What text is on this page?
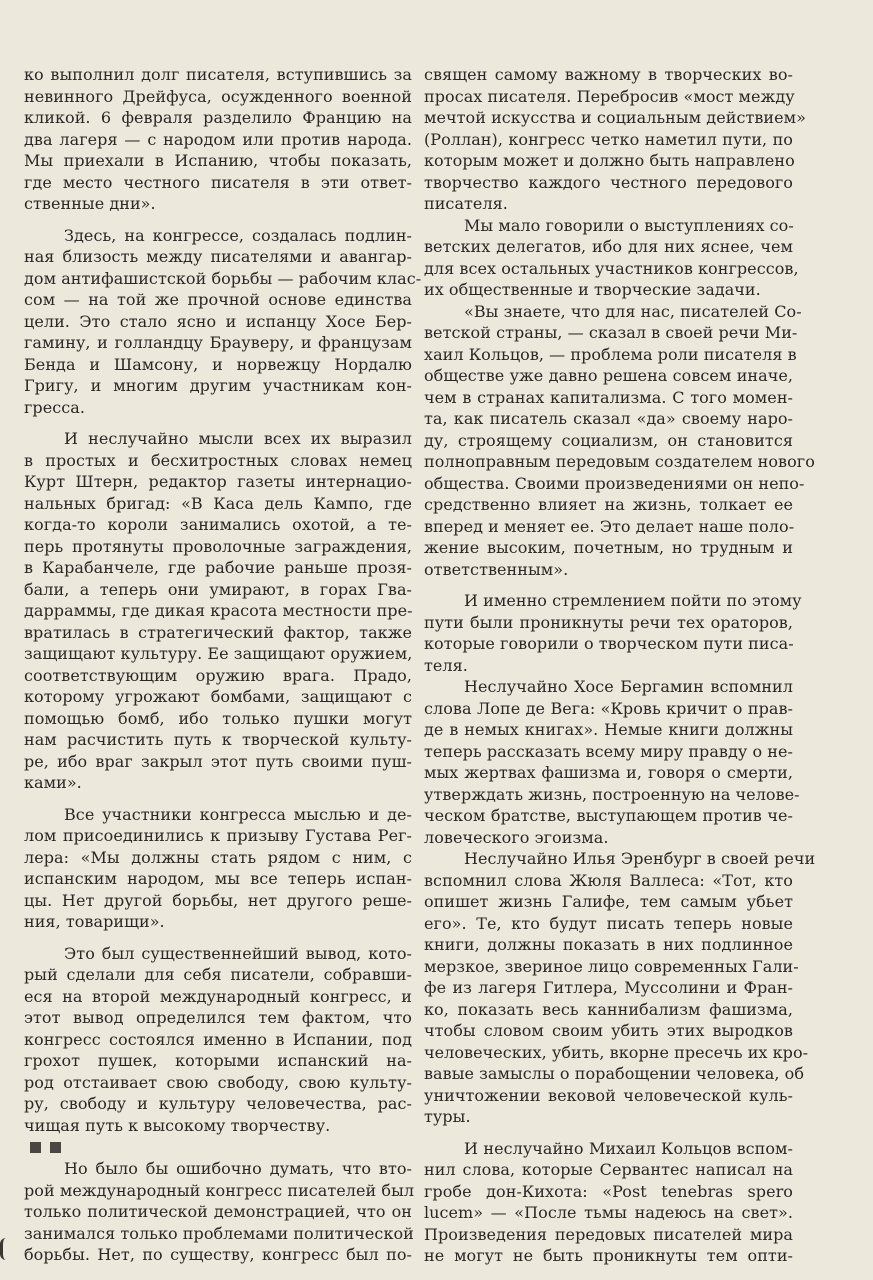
ко выполнил долг писателя, вступившись за
невинного Дрейфуса, осужденного военной
кликой. 6 февраля разделило Францию на
два лагеря — с народом или против народа.
Мы приехали в Испанию, чтобы показать,
где место честного писателя в эти ответ-
ственные дни».
Здесь, на конгрессе, создалась подлин-
ная близость между писателями и авангар-
дом антифашистской борьбы — рабочим клас-
сом — на той же прочной основе единства
цели. Это стало ясно и испанцу Хосе Бер-
гамину, и голландцу Брауверу, и французам
Бенда и Шамсону, и норвежцу Нордалю
Григу, и многим другим участникам кон-
гресса.
И неслучайно мысли всех их выразил
в простых и бесхитростных словах немец
Курт Штерн, редактор газеты интернацио-
нальных бригад: «В Каса дель Кампо, где
когда-то короли занимались охотой, а те-
перь протянуты проволочные заграждения,
в Карабанчеле, где рабочие раньше прозя-
бали, а теперь они умирают, в горах Гва-
дарраммы, где дикая красота местности пре-
вратилась в стратегический фактор, также
защищают культуру. Ее защищают оружием,
соответствующим оружию врага. Прадо,
которому угрожают бомбами, защищают с
помощью бомб, ибо только пушки могут
нам расчистить путь к творческой культу-
ре, ибо враг закрыл этот путь своими пуш-
ками».
Все участники конгресса мыслью и де-
лом присоединились к призыву Густава Рег-
лера: «Мы должны стать рядом с ним, с
испанским народом, мы все теперь испан-
цы. Нет другой борьбы, нет другого реше-
ния, товарищи».
Это был существеннейший вывод, кото-
рый сделали для себя писатели, собравши-
еся на второй международный конгресс, и
этот вывод определился тем фактом, что
конгресс состоялся именно в Испании, под
грохот пушек, которыми испанский на-
род отстаивает свою свободу, свою культу-
ру, свободу и культуру человечества, рас-
чищая путь к высокому творчеству.
Но было бы ошибочно думать, что вто-
рой международный конгресс писателей был
только политической демонстрацией, что он
занимался только проблемами политической
борьбы. Нет, по существу, конгресс был по-
священ самому важному в творческих во-
просах писателя. Перебросив «мост между
мечтой искусства и социальным действием»
(Роллан), конгресс четко наметил пути, по
которым может и должно быть направлено
творчество каждого честного передового
писателя.
Мы мало говорили о выступлениях со-
ветских делегатов, ибо для них яснее, чем
для всех остальных участников конгрессов,
их общественные и творческие задачи.
«Вы знаете, что для нас, писателей Со-
ветской страны, — сказал в своей речи Ми-
хаил Кольцов, — проблема роли писателя в
обществе уже давно решена совсем иначе,
чем в странах капитализма. С того момен-
та, как писатель сказал «да» своему наро-
ду, строящему социализм, он становится
полноправным передовым создателем нового
общества. Своими произведениями он непо-
средственно влияет на жизнь, толкает ее
вперед и меняет ее. Это делает наше поло-
жение высоким, почетным, но трудным и
ответственным».
И именно стремлением пойти по этому
пути были проникнуты речи тех ораторов,
которые говорили о творческом пути писа-
теля.
Неслучайно Хосе Бергамин вспомнил
слова Лопе де Вега: «Кровь кричит о прав-
де в немых книгах». Немые книги должны
теперь рассказать всему миру правду о не-
мых жертвах фашизма и, говоря о смерти,
утверждать жизнь, построенную на челове-
ческом братстве, выступающем против че-
ловеческого эгоизма.
Неслучайно Илья Эренбург в своей речи
вспомнил слова Жюля Валлеса: «Тот, кто
опишет жизнь Галифе, тем самым убьет
его». Те, кто будут писать теперь новые
книги, должны показать в них подлинное
мерзкое, звериное лицо современных Гали-
фе из лагеря Гитлера, Муссолини и Фран-
ко, показать весь каннибализм фашизма,
чтобы словом своим убить этих выродков
человеческих, убить, вкорне пресечь их кро-
вавые замыслы о порабощении человека, об
уничтожении вековой человеческой куль-
туры.
И неслучайно Михаил Кольцов вспом-
нил слова, которые Сервантес написал на
гробе дон-Кихота: «Post tenebras spero
lucem» — «После тьмы надеюсь на свет».
Произведения передовых писателей мира
не могут не быть проникнуты тем опти-
